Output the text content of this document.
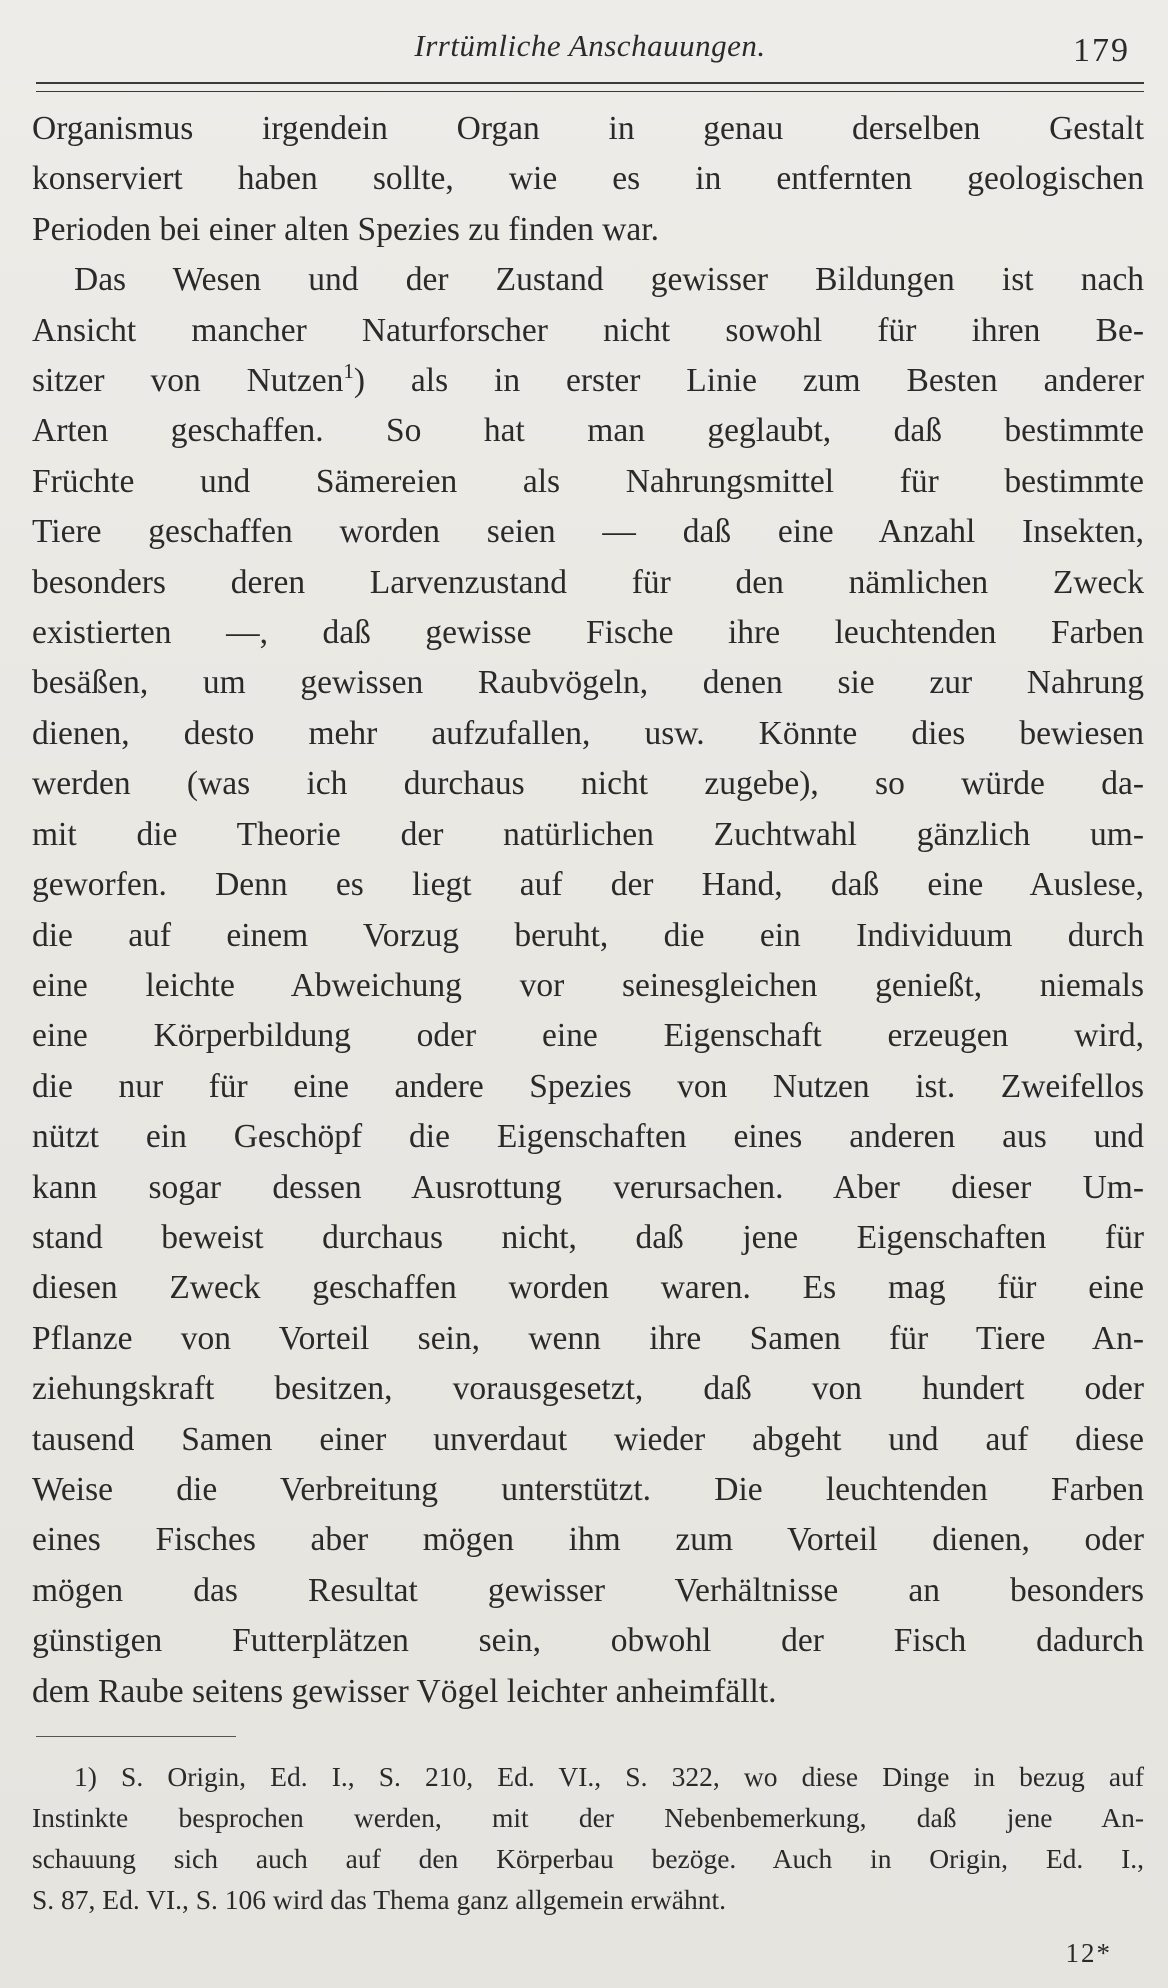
Irrtümliche Anschauungen.	179
Organismus irgendein Organ in genau derselben Gestalt
konserviert haben sollte, wie es in entfernten geologischen
Perioden bei einer alten Spezies zu finden war.
Das Wesen und der Zustand gewisser Bildungen ist nach
Ansicht mancher Naturforscher nicht sowohl für ihren Be-
sitzer von Nutzen$^1$) als in erster Linie zum Besten anderer
Arten geschaffen. So hat man geglaubt, daß bestimmte
Früchte und Sämereien als Nahrungsmittel für bestimmte
Tiere geschaffen worden seien — daß eine Anzahl Insekten,
besonders deren Larvenzustand für den nämlichen Zweck
existierten —, daß gewisse Fische ihre leuchtenden Farben
besäßen, um gewissen Raubvögeln, denen sie zur Nahrung
dienen, desto mehr aufzufallen, usw. Könnte dies bewiesen
werden (was ich durchaus nicht zugebe), so würde da-
mit die Theorie der natürlichen Zuchtwahl gänzlich um-
geworfen. Denn es liegt auf der Hand, daß eine Auslese,
die auf einem Vorzug beruht, die ein Individuum durch
eine leichte Abweichung vor seinesgleichen genießt, niemals
eine Körperbildung oder eine Eigenschaft erzeugen wird,
die nur für eine andere Spezies von Nutzen ist. Zweifellos
nützt ein Geschöpf die Eigenschaften eines anderen aus und
kann sogar dessen Ausrottung verursachen. Aber dieser Um-
stand beweist durchaus nicht, daß jene Eigenschaften für
diesen Zweck geschaffen worden waren. Es mag für eine
Pflanze von Vorteil sein, wenn ihre Samen für Tiere An-
ziehungskraft besitzen, vorausgesetzt, daß von hundert oder
tausend Samen einer unverdaut wieder abgeht und auf diese
Weise die Verbreitung unterstützt. Die leuchtenden Farben
eines Fisches aber mögen ihm zum Vorteil dienen, oder
mögen das Resultat gewisser Verhältnisse an besonders
günstigen Futterplätzen sein, obwohl der Fisch dadurch
dem Raube seitens gewisser Vögel leichter anheimfällt.
1) S. Origin, Ed. I., S. 210, Ed. VI., S. 322, wo diese Dinge in bezug auf
Instinkte besprochen werden, mit der Nebenbemerkung, daß jene An-
schauung sich auch auf den Körperbau bezöge. Auch in Origin, Ed. I.,
S. 87, Ed. VI., S. 106 wird das Thema ganz allgemein erwähnt.
12*
